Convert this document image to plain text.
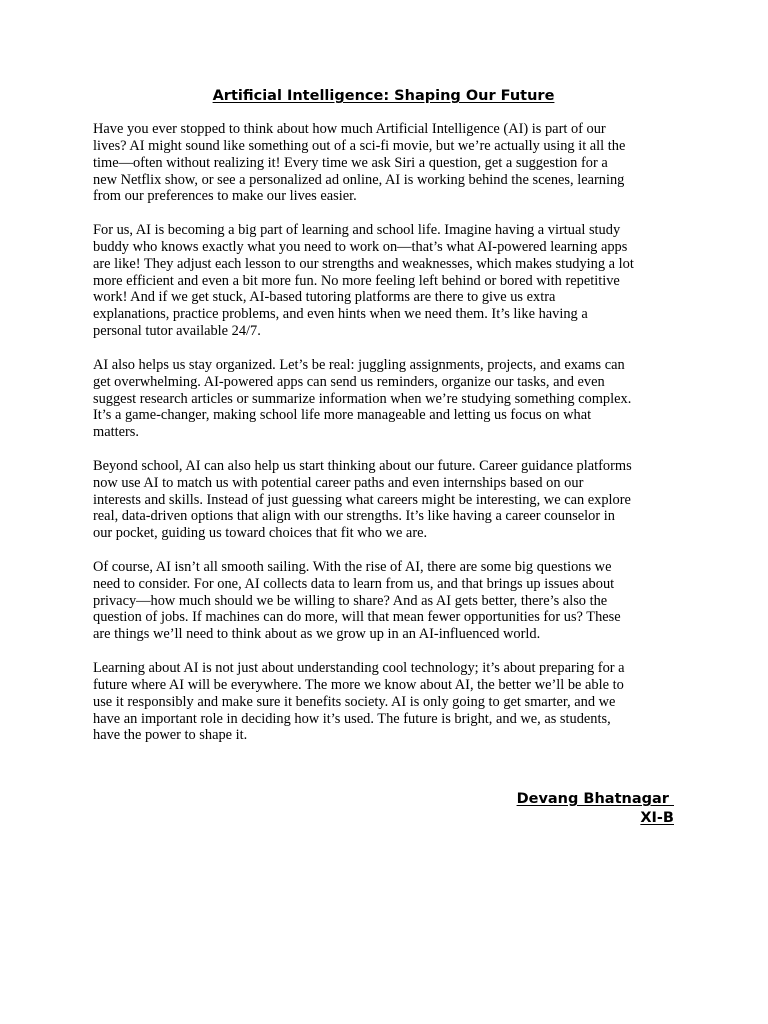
Artificial Intelligence: Shaping Our Future

Have you ever stopped to think about how much Artificial Intelligence (AI) is part of our
lives? AI might sound like something out of a sci-fi movie, but we’re actually using it all the
time—often without realizing it! Every time we ask Siri a question, get a suggestion for a
new Netflix show, or see a personalized ad online, AI is working behind the scenes, learning
from our preferences to make our lives easier.

For us, AI is becoming a big part of learning and school life. Imagine having a virtual study
buddy who knows exactly what you need to work on—that’s what AI-powered learning apps
are like! They adjust each lesson to our strengths and weaknesses, which makes studying a lot
more efficient and even a bit more fun. No more feeling left behind or bored with repetitive
work! And if we get stuck, AI-based tutoring platforms are there to give us extra
explanations, practice problems, and even hints when we need them. It’s like having a
personal tutor available 24/7.

AI also helps us stay organized. Let’s be real: juggling assignments, projects, and exams can
get overwhelming. AI-powered apps can send us reminders, organize our tasks, and even
suggest research articles or summarize information when we’re studying something complex.
It’s a game-changer, making school life more manageable and letting us focus on what
matters.

Beyond school, AI can also help us start thinking about our future. Career guidance platforms
now use AI to match us with potential career paths and even internships based on our
interests and skills. Instead of just guessing what careers might be interesting, we can explore
real, data-driven options that align with our strengths. It’s like having a career counselor in
our pocket, guiding us toward choices that fit who we are.

Of course, AI isn’t all smooth sailing. With the rise of AI, there are some big questions we
need to consider. For one, AI collects data to learn from us, and that brings up issues about
privacy—how much should we be willing to share? And as AI gets better, there’s also the
question of jobs. If machines can do more, will that mean fewer opportunities for us? These
are things we’ll need to think about as we grow up in an AI-influenced world.

Learning about AI is not just about understanding cool technology; it’s about preparing for a
future where AI will be everywhere. The more we know about AI, the better we’ll be able to
use it responsibly and make sure it benefits society. AI is only going to get smarter, and we
have an important role in deciding how it’s used. The future is bright, and we, as students,
have the power to shape it.

Devang Bhatnagar
XI-B
